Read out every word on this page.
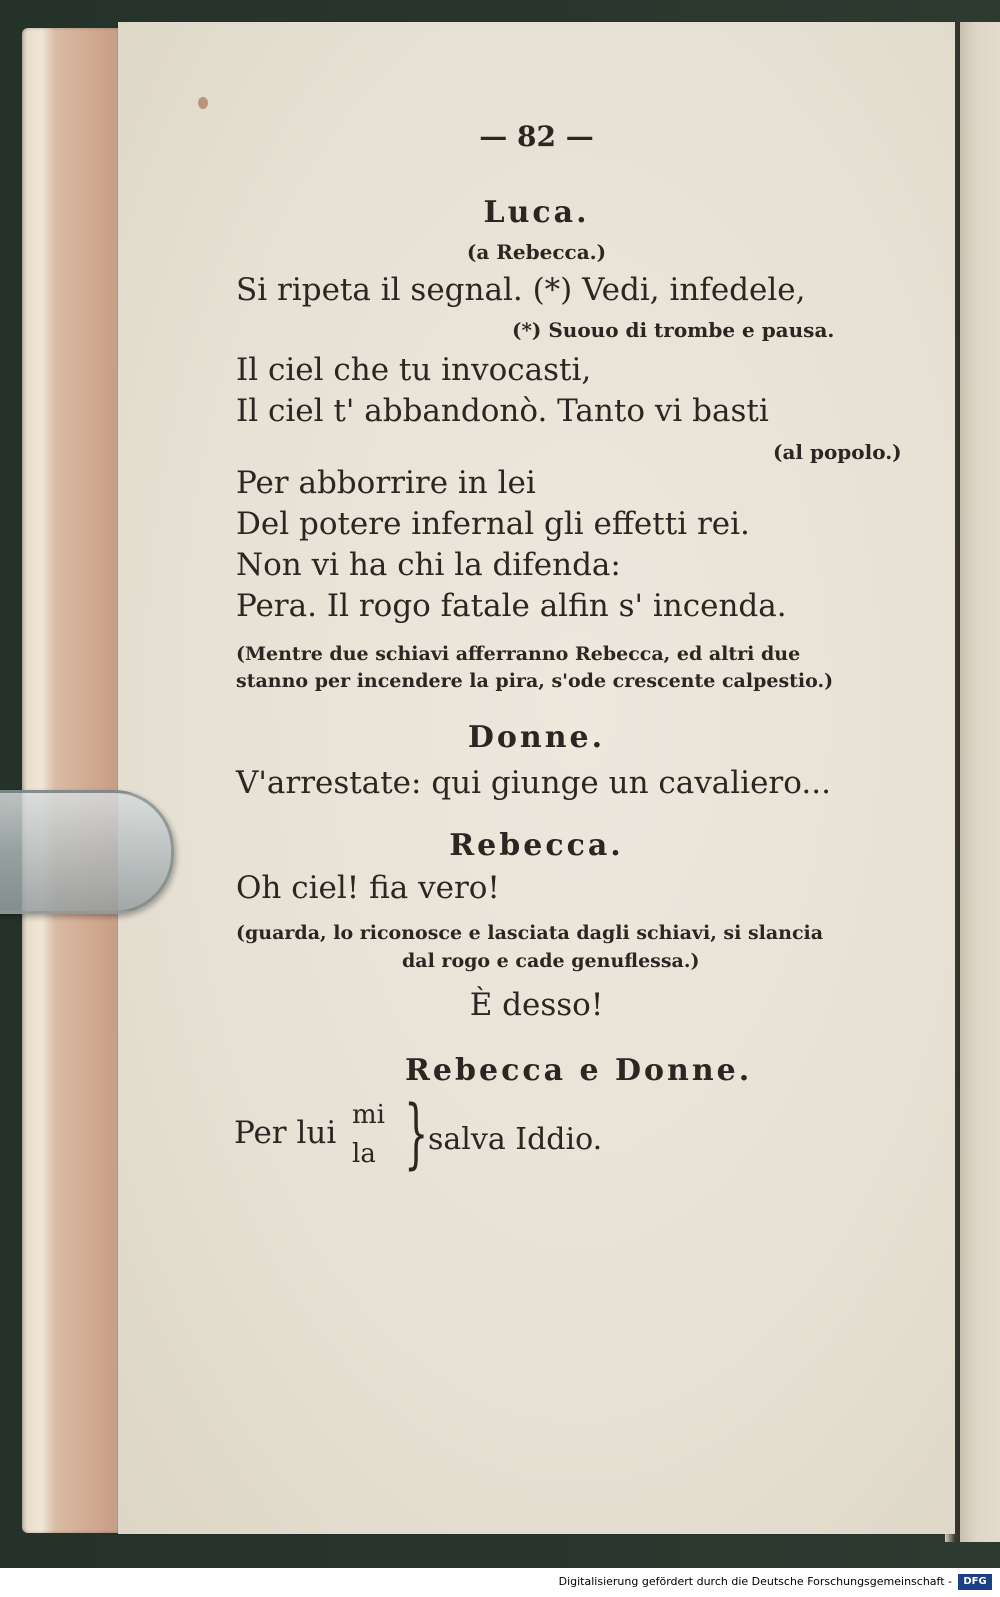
— 82 —
Luca.
(a Rebecca.)
Si ripeta il segnal. (*) Vedi, infedele,
(*) Suouo di trombe e pausa.
Il ciel che tu invocasti,
Il ciel t' abbandonò. Tanto vi basti
(al popolo.)
Per abborrire in lei
Del potere infernal gli effetti rei.
Non vi ha chi la difenda:
Pera. Il rogo fatale alfin s' incenda.
(Mentre due schiavi afferranno Rebecca, ed altri due
stanno per incendere la pira, s'ode crescente calpestio.)
Donne.
V'arrestate: qui giunge un cavaliero...
Rebecca.
Oh ciel! fia vero!
(guarda, lo riconosce e lasciata dagli schiavi, si slancia
dal rogo e cade genuflessa.)
È desso!
Rebecca e Donne.
Per lui mi
la } salva Iddio.
Digitalisierung gefördert durch die Deutsche Forschungsgemeinschaft -	DFG
